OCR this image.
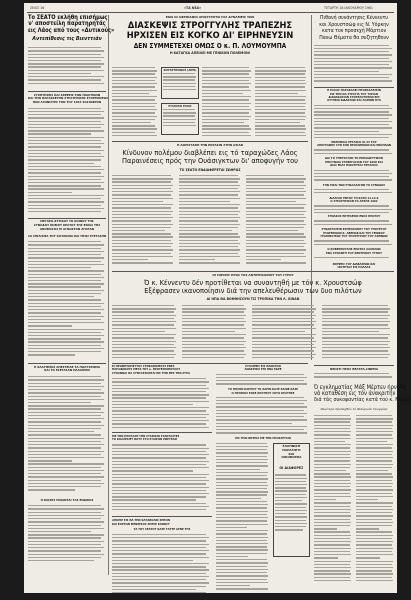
ΣΕΛΙΣ 16	«ΤΑ ΝΕΑ»	ΤΕΤΑΡΤΗ 18 ΙΑΝΟΥΑΡΙΟΥ 1961
Το ΣΕΑΤΟ εκλήθη επισήμως
ν' αποστείλη παρατηρητάς
εις Λάος από τους «Δυτικούς»
Αντεπίθεσις τις Βιενττιάν
ΣΥΖΗΤΗΣΕΙΣ ΚΑΙ ΣΚΕΨΕΙΣ ΤΩΝ ΠΟΛΙΤΙΚΩΝ
ΚΑΙ ΤΗΝ ΠΑΡΑΣΚΕΥΗΝ ΣΤΡΑΤΗΓΙΚΗΣ ΕΞΟΡΜΗΣΕΩΣ
ΠΑΝ ΑΓΩΝΙΣΤΕΣ ΤΟΝ ΤΟΥ 1944 ΣΟΣΙΟΦΡΟΝ
ΜΕΓΑΡΟ ΔΥΤΙΚΟΥ ΤΟ ΚΟΙΝΟΥ ΤΗΣ
ΣΥΝΟΔΟΥ ΝΟΜΟΥ ΚΕΛΤΟΥ ΤΗΣ ΕΝΙΑΣ ΤΗΣ
ΑΝΟΜΟΣΟΣ ΕΙ ΑΓΝΩΣΤΟΝ ΑΓΟΡΑΝ
ΣΑ ΣΠΙΛΙΣΜΑ ΤΟΥ ΚΟΤΑΚΙΝΑ ΚΑΙ ΠΡΟΣ ΕΞΕΤΑΣΗΝ
Η ΚΛΑΥΘΜΟΣ ΑΠΕΣΤΕΙΛΕ ΤΑ ΠΟΛΥΧΡΩΜΑ
ΚΑΙ ΤΟ ΕΣΕΤΑΣΑΝ ΠΑΛΑΙΡΟΝ
Η ΚΑΙΧΕΣ ΠΟΙΑΝΤΑΙ ΤΑΣ ΕΝΔΙΚΟΣ
ΕΝΩ ΟΙ ΑΦΡΙΚΑΝΟΙ ΑΠΟΣΥΡΟΥΝ ΤΑΣ ΔΥΝΑΜΕΙΣ ΤΩΝ
ΔΙΑΣΚΕΨΙΣ ΣΤΡΟΓΓΥΛΗΣ ΤΡΑΠΕΖΗΣ
ΗΡΧΙΣΕΝ ΕΙΣ ΚΟΓΚΟ ΔΙ' ΕΙΡΗΝΕΥΣΙΝ
ΔΕΝ ΣΥΜΜΕΤΕΧΕΙ ΟΜΩΣ Ο κ. Π. ΛΟΥΜΟΥΜΠΑ
Η ΚΑΤΑΓΚΑ ΑΠΕΙΛΕΙ ΜΕ ΓΕΝΙΚΟΝ ΠΟΛΕΜΟΝ!
ΚΟΥΑΡΤΕΛΙΝΟΣ (ΑΝΤΙ)
ΕΞΑΓΩΓΑΙ ΕΛΙΑΣ
Η ΑΟΡΙΣΤΑΘΗ ΤΗΝ ΕΝΤΑΣΙΝ ΣΤΗΝ ΑΣΙΑΝ
Κίνδυνον πολέμου διαβλέπει εις τό ταραχώδες Λάος
Παραινέσεις πρός την Ουάσιγκτων δι' αποφυγήν του
ΤΟ ΣΕΑΤΟ ΕΝΔΙΑΦΕΡΕΤΑΙ ΖΩΗΡΩΣ
ΟΙ ΣΧΕΣΕΙΣ ΠΡΟΣ ΤΟΣ ΑΝΤΙΠΡΟΣΩΠΟΥ ΤΟΥ ΓΥΡΟΥ
Ό κ. Κέννεντυ δέν προτίθεται να συναντηθή με τόν κ. Χρουστσώφ
Εξέφρασεν ικανοποίησιν διά την απελευθέρωσιν των δυο πιλότων
ΑΙ ΗΠΑ ΘΑ ΒΟΗΘΗΣΟΥΝ ΤΙΣ ΤΡΟΠΙΚΑ ΤΗΝ Λ. ΧΙΝΑΝ
ΕΙ ΠΡΟΦΗΤΟΡΦΥΤΟΣ ΣΥΝΚΑΘΙΣΜΟΥΣ ΕΝΕΣ
ΠΑΡΑΦΑΝΟΥΣ ΜΕΤΑ ΤΟΥ κ. ΠΡΟΤΕΙΝΟΠΟΥΛΟΥ
ΣΥΝΑΝΝΑΙ ΘΑ ΣΥΝΤΑΣΣΟΝΤΑΙ ΕΙΣ ΤΗΝ ΘΕΣ ΤΗΝ ΣΤΡΑ
ΜΕ ΤΗΝ ΠΡΟΤΑΣΗ ΤΗΝ ΣΤΑΘΙΣΙΝ ΣΤΑΝΤΑΣΤΕΣ
ΤΟ ΚΟΛΛΕΣΙΕΥ ΒΟΥΣ ΣΤΟ ΕΞΑΙΡΟΝ ΕΦΕΥΡΑΝ
ΑΠΟΡΙΕ ΕΙΣ ΘΑ ΤΗΝ ΚΑΤΑΒΟΛΙΝ ΣΗΕΣΙΝ
ΚΑΙ ΕΟΡΤΩΝ ΜΕΝΕΕΣΟΣ ΣΗΕΣΕ ΚΑΘΩΣΥ
ΤΑ ΤΟΥ ΣΕΑΤΟΥ ΚΑΣΕ ΤΑΥΤΕ ΑΡΝΕ ΤΗΣ
ΣΥΛΛΗΨΙΣ ΕΙΣ ΘΑΝΑΤΟΝ
ΑΝΑΚΡΙΣΙΣ ΕΠΙ ΗΝΑ ΕΔΡΕ
ΤΟ ΠΟΣΟΝ ΚΑΡΠΟΥ ΤΟ ΧΑΡΙΝ ΚΑΣΕ ΚΑΙΝΕ ΚΑΣΕ
Ο ΠΡΟΠΙΟΣ ΕΟΣΕ ΚΡΑΤΗΟΥ ΣΟΤΟ ΚΡΑΤΗΣΕ
ΕΙΣ ΤΗΝ ΙΝΤΕΡΙΑ ΜΕ ΤΗΝ ΠΡΟΣΣΕΥΣΙΝ
ΕΛΛΗΝΙΚΗ
ΠΑΡΑΓΩΓΗ
ΚΑΙ
ΟΙΚΟΝΟΜΙΑ
ΟΙ ΔΙΑΦΟΡΕΣ
Πιθανή συνάντησις Κέννεντυ
και Χρουστσώφ εις Ν. Υόρκην
κατα τον προσεχή Μάρτιον
Πανω Θέματα θα συζητηθουν
Η ΕΛΛΑΣ ΠΑΡΑΚΑΛΕΙ ΠΡΟΣΚΑΛΕΣΕΙΝ
ΕΙΣ ΤΗΝ ΝΑ ΣΤΡΑΤΙΑ ΤΟΥ ΤΑΕΙΑΝ
ΔΙΑΝΑΚΟΣΙΟΝ ΣΥΝΤΕΛΟΥΝΤΩΝ ΕΠΙ
ΑΥΞΗΣΙΝ ΔΙΔΑΚΤΩΝ ΚΑΙ ΛΟΙΠΩΝ ΚΤΛ
ΕΝΘΗΜΑΙΑ ΕΡΓΑΣΙΑΙ ΟΙ 23 ΤΟΥ
ΑΠΟΓΡΑΦΗΣ ΣΥΝ ΤΩΝ ΠΡΟΣΩΠΙΚΩΝ ΚΑΙ ΕΝΟΠΛΩΝ
ΔΙΑ ΤΟ ΥΠΕΡΤΑΤΟΝ ΤΟ ΕΚΠΑΙΔΕΥΤΙΚΟΝ
ΕΠΙΣΥΝΑΙΑ ΣΥΝΕΡΓΑΣΙΑΝ ΤΟΥ 1960 ΚΑΙ
ΔΙΑΣ ΜΙΑΣ ΠΟΙΟΤΗΤΑΣ ΕΡΓΑΣΙΑΣ
ΤΟΝ ΕΙΣΑΙ ΤΩΝ ΣΥΝΑΛΛΑΓΩΝ ΤΟ ΣΥΝΟΔΟΣ
ΔΙΑΛΓΑΚ ΕΝΤΟΣ 7Η ΚΑΤΩ 11.12.6
Ο ΣΤΡΑΤΗΓΙΚΟΝ ΤΟ ΑΡΧΗΣ 1962
ΣΥΝΑΧΟΣ ΕΚΤΕΛΕΣΙΝ ΕΝΟΣ ΠΡΩΤΟΥ
ΣΥΝΑΝΤΑΣΕΙΝ ΕΚΠΡΟΣΩΠΟΥ ΤΟΥ ΥΠΟΥΡΓΟΥ
ΕΞΩΤΕΡΙΚΩΝ Κ. ΑΒΕΡΩΦ ΚΑΙ ΤΟΥ ΓΕΝΙΚΟΥ
ΓΡΑΜΜΑΤΕΩΣ ΤΟΥ ΥΠΟΥΡΓΕΙΟΥ ΤΟΥ ΑΘΗΝΩΝ
Ο ΚΟΒΕΡΝΟΥΛΗΣ ΕΡΩΤΟΣ ΑΛΛΗΛΩΝ
ΕΝΑ ΣΥΝΑΝΤΗ ΤΟΥ ΚΕΝΤΡΙΚΟΥ ΤΥΠΟΥ
ΣΚΕΨΕΙΣ ΤΟΥ ΔΙΑΒΑΣΕΩΝ ΚΑΙ
ΙΣΟΤΗΤΑΣ ΕΙΣ ΠΟΛΛΑΣ
ΝΕΩΣΤΙ ΠΡΟΣ ΘΕΑΤΡΑ-ΣΙΝΕΜΑ
Ό εγκληματίας Μάξ Μέρτεν ήρνήθη
νά καταθέση εις τόν άνακριτήν
διά τάς συκοφαντίας κατά τού κ. Μακρή
Νεώτερα προσαχθέν τό Φιλυρινόν Γεωργίαρ
